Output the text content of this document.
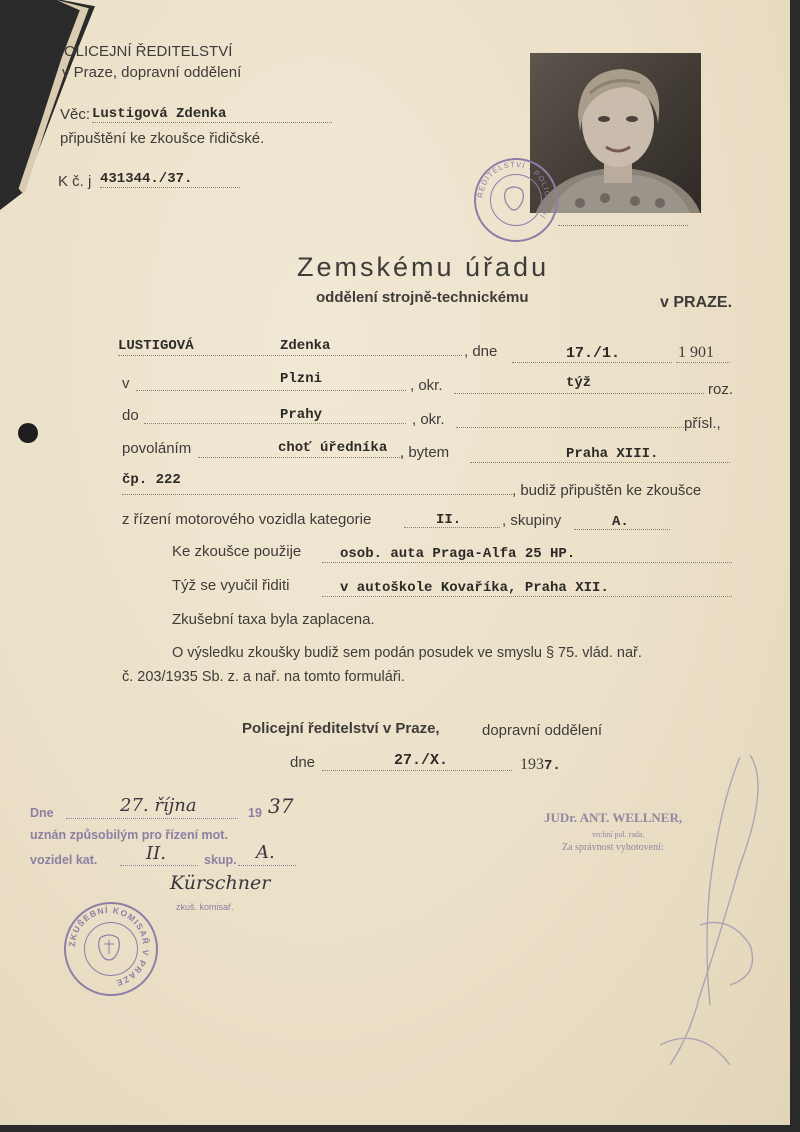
OLICEJNÍ ŘEDITELSTVÍ
v Praze, dopravní oddělení
Věc: Lustigová Zdenka
připuštění ke zkoušce řidičské.
K č. j 431344./37.
ŘEDITELSTVÍ · POLICEJNÍ
Zemskému úřadu
oddělení strojně-technickému	v PRAZE.
LUSTIGOVÁ	Zdenka	, dne	17./1.	1 901
v	Plzni	, okr.	týž	roz.
do	Prahy	, okr.	přísl.,
povoláním	choť úředníka , bytem	Praha XIII.
čp. 222
, budiž připuštěn ke zkoušce
z řízení motorového vozidla kategorie	II.	, skupiny	A.
Ke zkoušce použije	osob. auta Praga-Alfa 25 HP.
Týž se vyučil řiditi	v autoškole Kovaříka, Praha XII.
Zkušební taxa byla zaplacena.
O výsledku zkoušky budiž sem podán posudek ve smyslu § 75. vlád. nař.
č. 203/1935 Sb. z. a nař. na tomto formuláři.
Policejní ředitelství v Praze,	dopravní oddělení
dne	27./X.	1937.
Dne	27. října	19 37
uznán způsobilým pro řízení mot.
vozidel kat.	II.	skup. A.
Kürschner
zkuš. komisař.
ZKUŠEBNÍ KOMISAŘ V PRAZE
JUDr. ANT. WELLNER,
vrchní pol. rada.
Za správnost vyhotovení:
